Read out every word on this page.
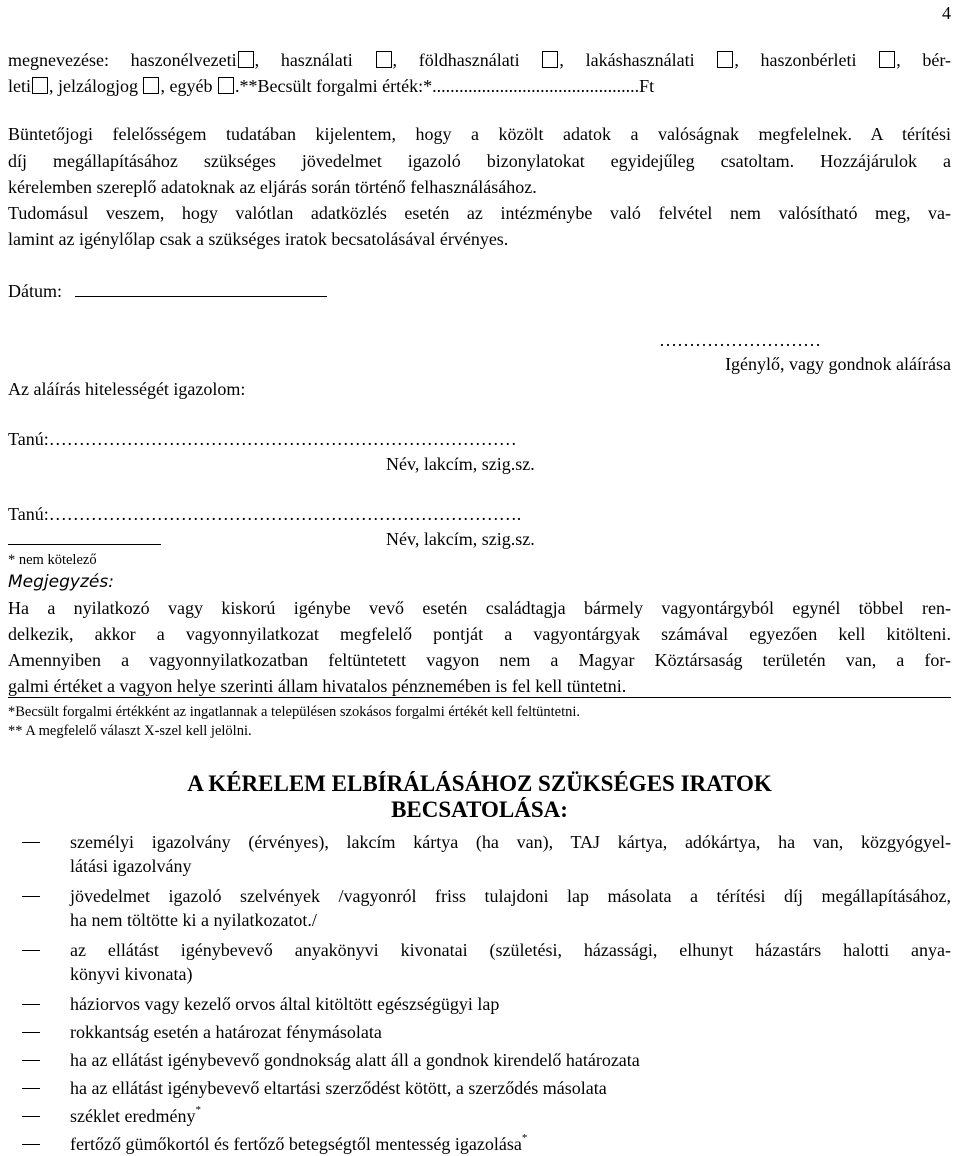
4
megnevezése: haszonélvezeti , használati , földhasználati , lakáshasználati , haszonbérleti , bér-
leti , jelzálogjog , egyéb .**Becsült forgalmi érték:*..............................................Ft
Büntetőjogi felelősségem tudatában kijelentem, hogy a közölt adatok a valóságnak megfelelnek. A térítési
díj megállapításához szükséges jövedelmet igazoló bizonylatokat egyidejűleg csatoltam. Hozzájárulok a
kérelemben szereplő adatoknak az eljárás során történő felhasználásához.
Tudomásul veszem, hogy valótlan adatközlés esetén az intézménybe való felvétel nem valósítható meg, va-
lamint az igénylőlap csak a szükséges iratok becsatolásával érvényes.
Dátum:
………………………
Igénylő, vagy gondnok aláírása
Az aláírás hitelességét igazolom:
Tanú:……………………………………………………………………
Név, lakcím, szig.sz.
Tanú:…………………………………………………………………….
Név, lakcím, szig.sz.
* nem kötelező
Megjegyzés:
Ha a nyilatkozó vagy kiskorú igénybe vevő esetén családtagja bármely vagyontárgyból egynél többel ren-
delkezik, akkor a vagyonnyilatkozat megfelelő pontját a vagyontárgyak számával egyezően kell kitölteni.
Amennyiben a vagyonnyilatkozatban feltüntetett vagyon nem a Magyar Köztársaság területén van, a for-
galmi értéket a vagyon helye szerinti állam hivatalos pénznemében is fel kell tüntetni.
*Becsült forgalmi értékként az ingatlannak a településen szokásos forgalmi értékét kell feltüntetni.
** A megfelelő választ X-szel kell jelölni.
A KÉRELEM ELBÍRÁLÁSÁHOZ SZÜKSÉGES IRATOK
BECSATOLÁSA:
személyi igazolvány (érvényes), lakcím kártya (ha van), TAJ kártya, adókártya, ha van, közgyógyel-
látási igazolvány
jövedelmet igazoló szelvények /vagyonról friss tulajdoni lap másolata a térítési díj megállapításához,
ha nem töltötte ki a nyilatkozatot./
az ellátást igénybevevő anyakönyvi kivonatai (születési, házassági, elhunyt házastárs halotti anya-
könyvi kivonata)
háziorvos vagy kezelő orvos által kitöltött egészségügyi lap
rokkantság esetén a határozat fénymásolata
ha az ellátást igénybevevő gondnokság alatt áll a gondnok kirendelő határozata
ha az ellátást igénybevevő eltartási szerződést kötött, a szerződés másolata
széklet eredmény*
fertőző gümőkortól és fertőző betegségtől mentesség igazolása*
